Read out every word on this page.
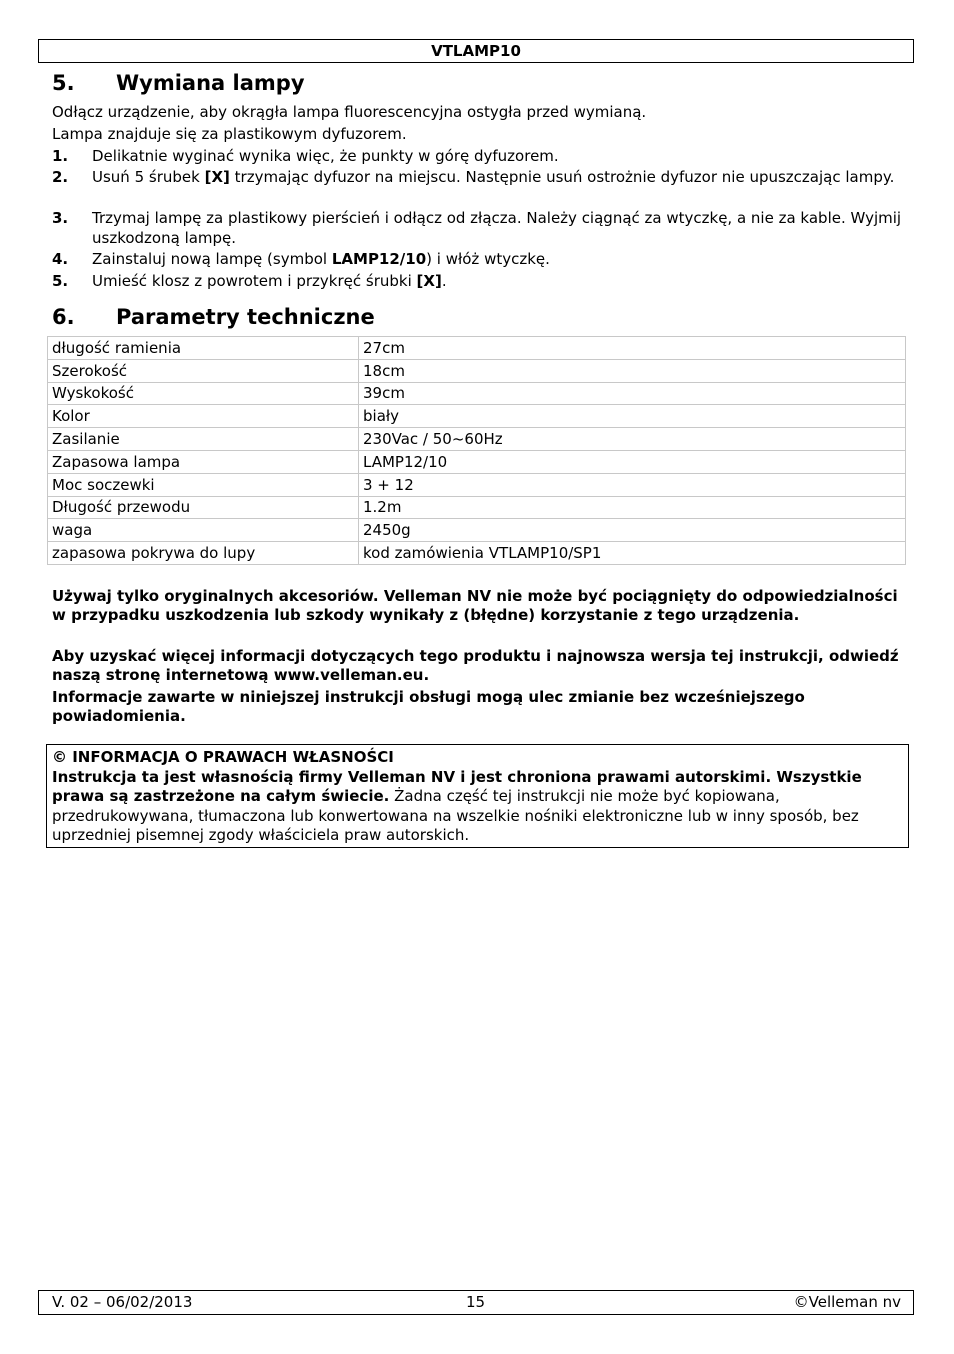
VTLAMP10
5. Wymiana lampy
Odłącz urządzenie, aby okrągła lampa fluorescencyjna ostygła przed wymianą.
Lampa znajduje się za plastikowym dyfuzorem.
1. Delikatnie wyginać wynika więc, że punkty w górę dyfuzorem.
2. Usuń 5 śrubek [X] trzymając dyfuzor na miejscu. Następnie usuń ostrożnie dyfuzor nie upuszczając lampy.
3. Trzymaj lampę za plastikowy pierścień i odłącz od złącza. Należy ciągnąć za wtyczkę, a nie za kable. Wyjmij uszkodzoną lampę.
4. Zainstaluj nową lampę (symbol LAMP12/10) i włóż wtyczkę.
5. Umieść klosz z powrotem i przykręć śrubki [X].
6. Parametry techniczne
długość ramienia	27cm
Szerokość	18cm
Wyskokość	39cm
Kolor	biały
Zasilanie	230Vac / 50~60Hz
Zapasowa lampa	LAMP12/10
Moc soczewki	3 + 12
Długość przewodu	1.2m
waga	2450g
zapasowa pokrywa do lupy	kod zamówienia VTLAMP10/SP1
Używaj tylko oryginalnych akcesoriów. Velleman NV nie może być pociągnięty do odpowiedzialności w przypadku uszkodzenia lub szkody wynikały z (błędne) korzystanie z tego urządzenia.
Aby uzyskać więcej informacji dotyczących tego produktu i najnowsza wersja tej instrukcji, odwiedź naszą stronę internetową www.velleman.eu.
Informacje zawarte w niniejszej instrukcji obsługi mogą ulec zmianie bez wcześniejszego powiadomienia.
© INFORMACJA O PRAWACH WŁASNOŚCI
Instrukcja ta jest własnością firmy Velleman NV i jest chroniona prawami autorskimi. Wszystkie prawa są zastrzeżone na całym świecie. Żadna część tej instrukcji nie może być kopiowana, przedrukowywana, tłumaczona lub konwertowana na wszelkie nośniki elektroniczne lub w inny sposób, bez uprzedniej pisemnej zgody właściciela praw autorskich.
V. 02 – 06/02/2013	15	©Velleman nv
